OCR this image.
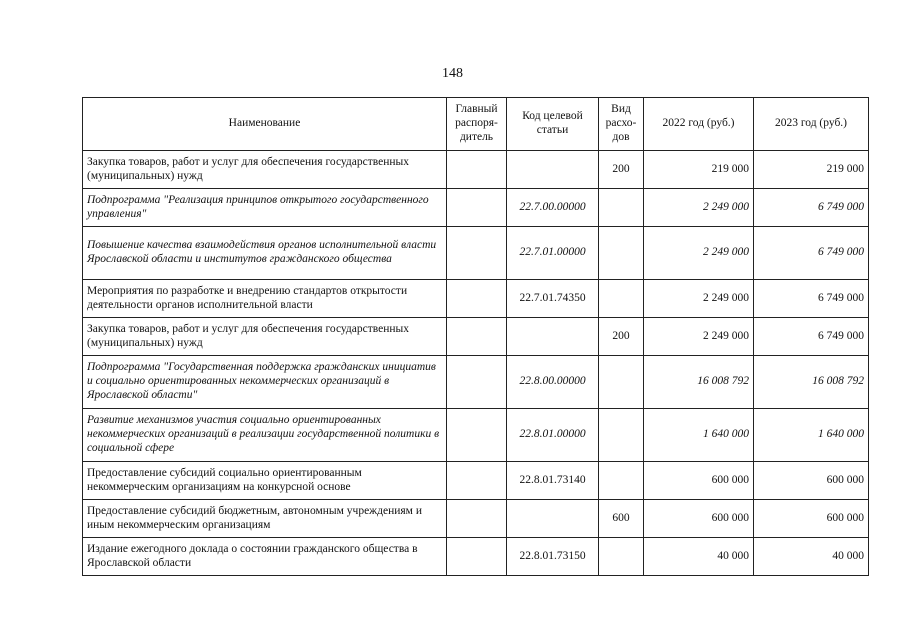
148
Наименование	Главный распоря-дитель	Код целевой статьи	Вид расхо-дов	2022 год (руб.)	2023 год (руб.)
Закупка товаров, работ и услуг для обеспечения государственных (муниципальных) нужд			200	219 000	219 000
Подпрограмма "Реализация принципов открытого государственного управления"		22.7.00.00000		2 249 000	6 749 000
Повышение качества взаимодействия органов исполнительной власти Ярославской области и институтов гражданского общества		22.7.01.00000		2 249 000	6 749 000
Мероприятия по разработке и внедрению стандартов открытости деятельности органов исполнительной власти		22.7.01.74350		2 249 000	6 749 000
Закупка товаров, работ и услуг для обеспечения государственных (муниципальных) нужд			200	2 249 000	6 749 000
Подпрограмма "Государственная поддержка гражданских инициатив и социально ориентированных некоммерческих организаций в Ярославской области"		22.8.00.00000		16 008 792	16 008 792
Развитие механизмов участия социально ориентированных некоммерческих организаций в реализации государственной политики в социальной сфере		22.8.01.00000		1 640 000	1 640 000
Предоставление субсидий социально ориентированным некоммерческим организациям на конкурсной основе		22.8.01.73140		600 000	600 000
Предоставление субсидий бюджетным, автономным учреждениям и иным некоммерческим организациям			600	600 000	600 000
Издание ежегодного доклада о состоянии гражданского общества в Ярославской области		22.8.01.73150		40 000	40 000
